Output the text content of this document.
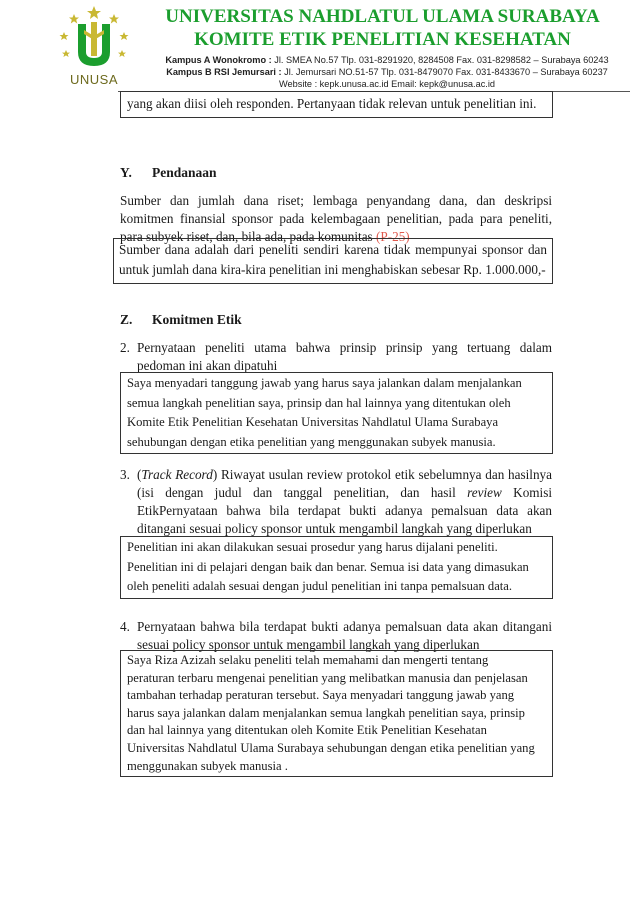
UNUSA
UNIVERSITAS NAHDLATUL ULAMA SURABAYA
KOMITE ETIK PENELITIAN KESEHATAN
Kampus A Wonokromo : Jl. SMEA No.57 Tlp. 031-8291920, 8284508 Fax. 031-8298582 – Surabaya 60243
Kampus B RSI Jemursari : Jl. Jemursari NO.51-57 Tlp. 031-8479070 Fax. 031-8433670 – Surabaya 60237
Website : kepk.unusa.ac.id Email: kepk@unusa.ac.id
yang akan diisi oleh responden. Pertanyaan tidak relevan untuk penelitian ini.
Y. Pendanaan
Sumber dan jumlah dana riset; lembaga penyandang dana, dan deskripsi komitmen finansial sponsor pada kelembagaan penelitian, pada para peneliti, para subyek riset, dan, bila ada, pada komunitas (P-25)
Sumber dana adalah dari peneliti sendiri karena tidak mempunyai sponsor dan untuk jumlah dana kira-kira penelitian ini menghabiskan sebesar Rp. 1.000.000,-
Z. Komitmen Etik
2. Pernyataan peneliti utama bahwa prinsip prinsip yang tertuang dalam pedoman ini akan dipatuhi
Saya menyadari tanggung jawab yang harus saya jalankan dalam menjalankan
semua langkah penelitian saya, prinsip dan hal lainnya yang ditentukan oleh
Komite Etik Penelitian Kesehatan Universitas Nahdlatul Ulama Surabaya
sehubungan dengan etika penelitian yang menggunakan subyek manusia.
3. (Track Record) Riwayat usulan review protokol etik sebelumnya dan hasilnya (isi dengan judul dan tanggal penelitian, dan hasil review Komisi EtikPernyataan bahwa bila terdapat bukti adanya pemalsuan data akan ditangani sesuai policy sponsor untuk mengambil langkah yang diperlukan
Penelitian ini akan dilakukan sesuai prosedur yang harus dijalani peneliti.
Penelitian ini di pelajari dengan baik dan benar. Semua isi data yang dimasukan
oleh peneliti adalah sesuai dengan judul penelitian ini tanpa pemalsuan data.
4. Pernyataan bahwa bila terdapat bukti adanya pemalsuan data akan ditangani sesuai policy sponsor untuk mengambil langkah yang diperlukan
Saya Riza Azizah selaku peneliti telah memahami dan mengerti tentang
peraturan terbaru mengenai penelitian yang melibatkan manusia dan penjelasan
tambahan terhadap peraturan tersebut. Saya menyadari tanggung jawab yang
harus saya jalankan dalam menjalankan semua langkah penelitian saya, prinsip
dan hal lainnya yang ditentukan oleh Komite Etik Penelitian Kesehatan
Universitas Nahdlatul Ulama Surabaya sehubungan dengan etika penelitian yang
menggunakan subyek manusia .
